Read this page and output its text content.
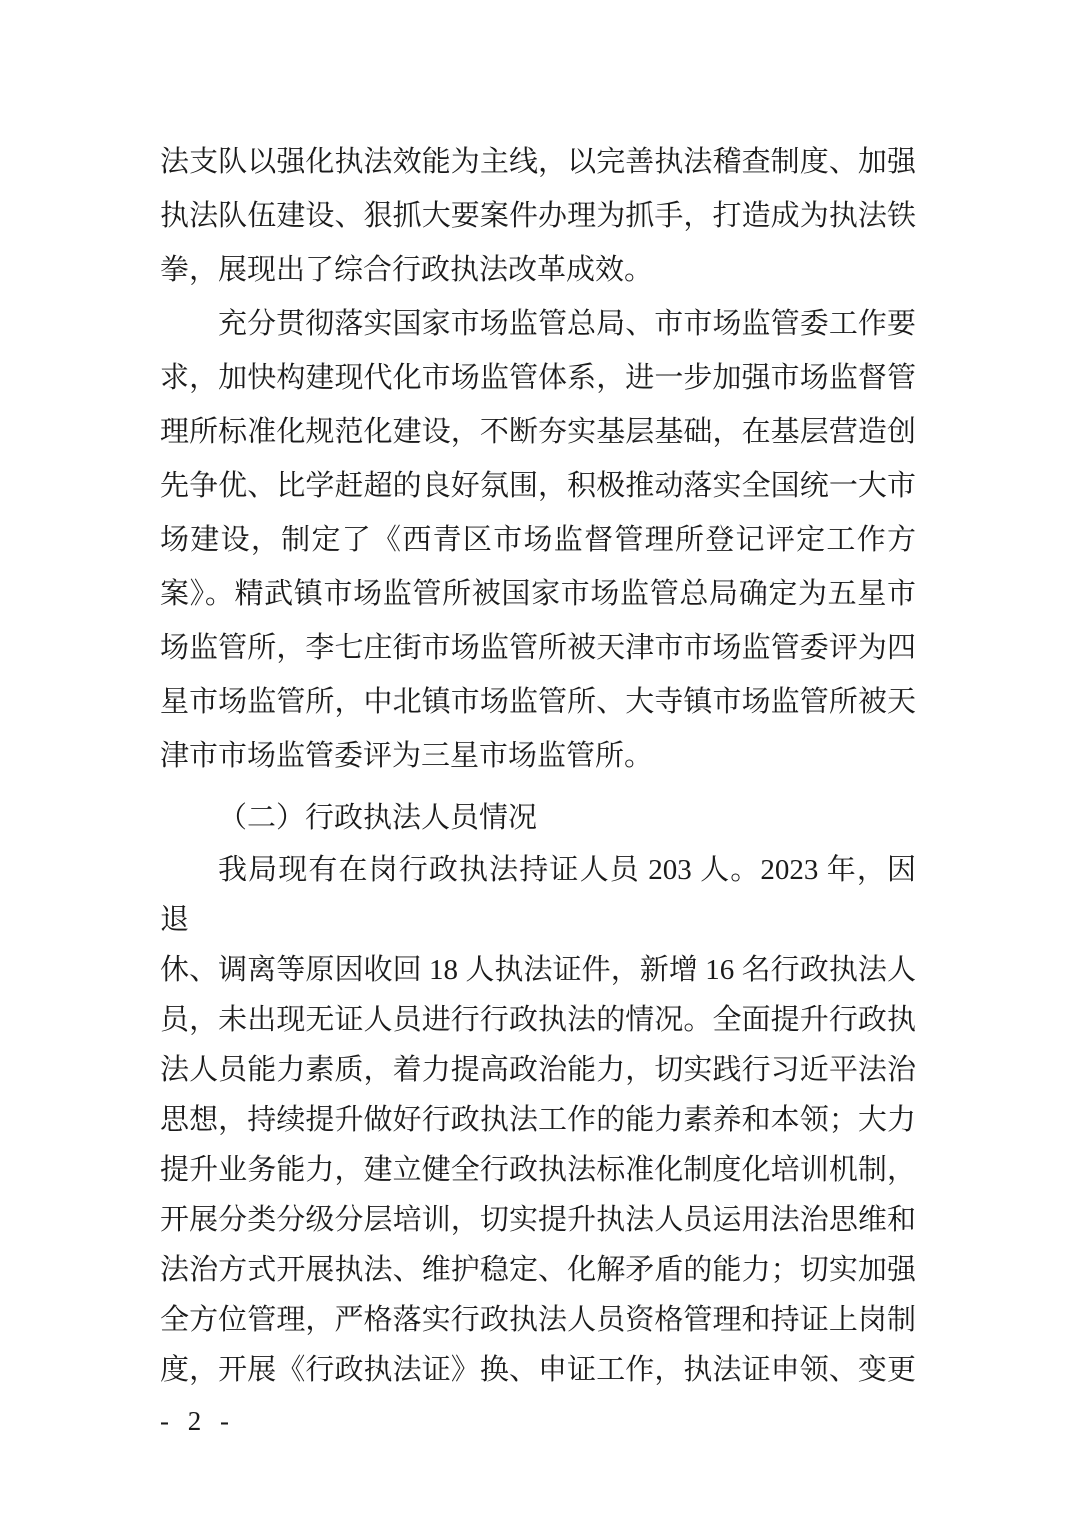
法支队以强化执法效能为主线，以完善执法稽查制度、加强
执法队伍建设、狠抓大要案件办理为抓手，打造成为执法铁
拳，展现出了综合行政执法改革成效。
充分贯彻落实国家市场监管总局、市市场监管委工作要
求，加快构建现代化市场监管体系，进一步加强市场监督管
理所标准化规范化建设，不断夯实基层基础，在基层营造创
先争优、比学赶超的良好氛围，积极推动落实全国统一大市
场建设，制定了《西青区市场监督管理所登记评定工作方
案》。精武镇市场监管所被国家市场监管总局确定为五星市
场监管所，李七庄街市场监管所被天津市市场监管委评为四
星市场监管所，中北镇市场监管所、大寺镇市场监管所被天
津市市场监管委评为三星市场监管所。
（二）行政执法人员情况
我局现有在岗行政执法持证人员 203 人。2023 年，因退
休、调离等原因收回 18 人执法证件，新增 16 名行政执法人
员，未出现无证人员进行行政执法的情况。全面提升行政执
法人员能力素质，着力提高政治能力，切实践行习近平法治
思想，持续提升做好行政执法工作的能力素养和本领；大力
提升业务能力，建立健全行政执法标准化制度化培训机制，
开展分类分级分层培训，切实提升执法人员运用法治思维和
法治方式开展执法、维护稳定、化解矛盾的能力；切实加强
全方位管理，严格落实行政执法人员资格管理和持证上岗制
度，开展《行政执法证》换、申证工作，执法证申领、变更
- 2 -
